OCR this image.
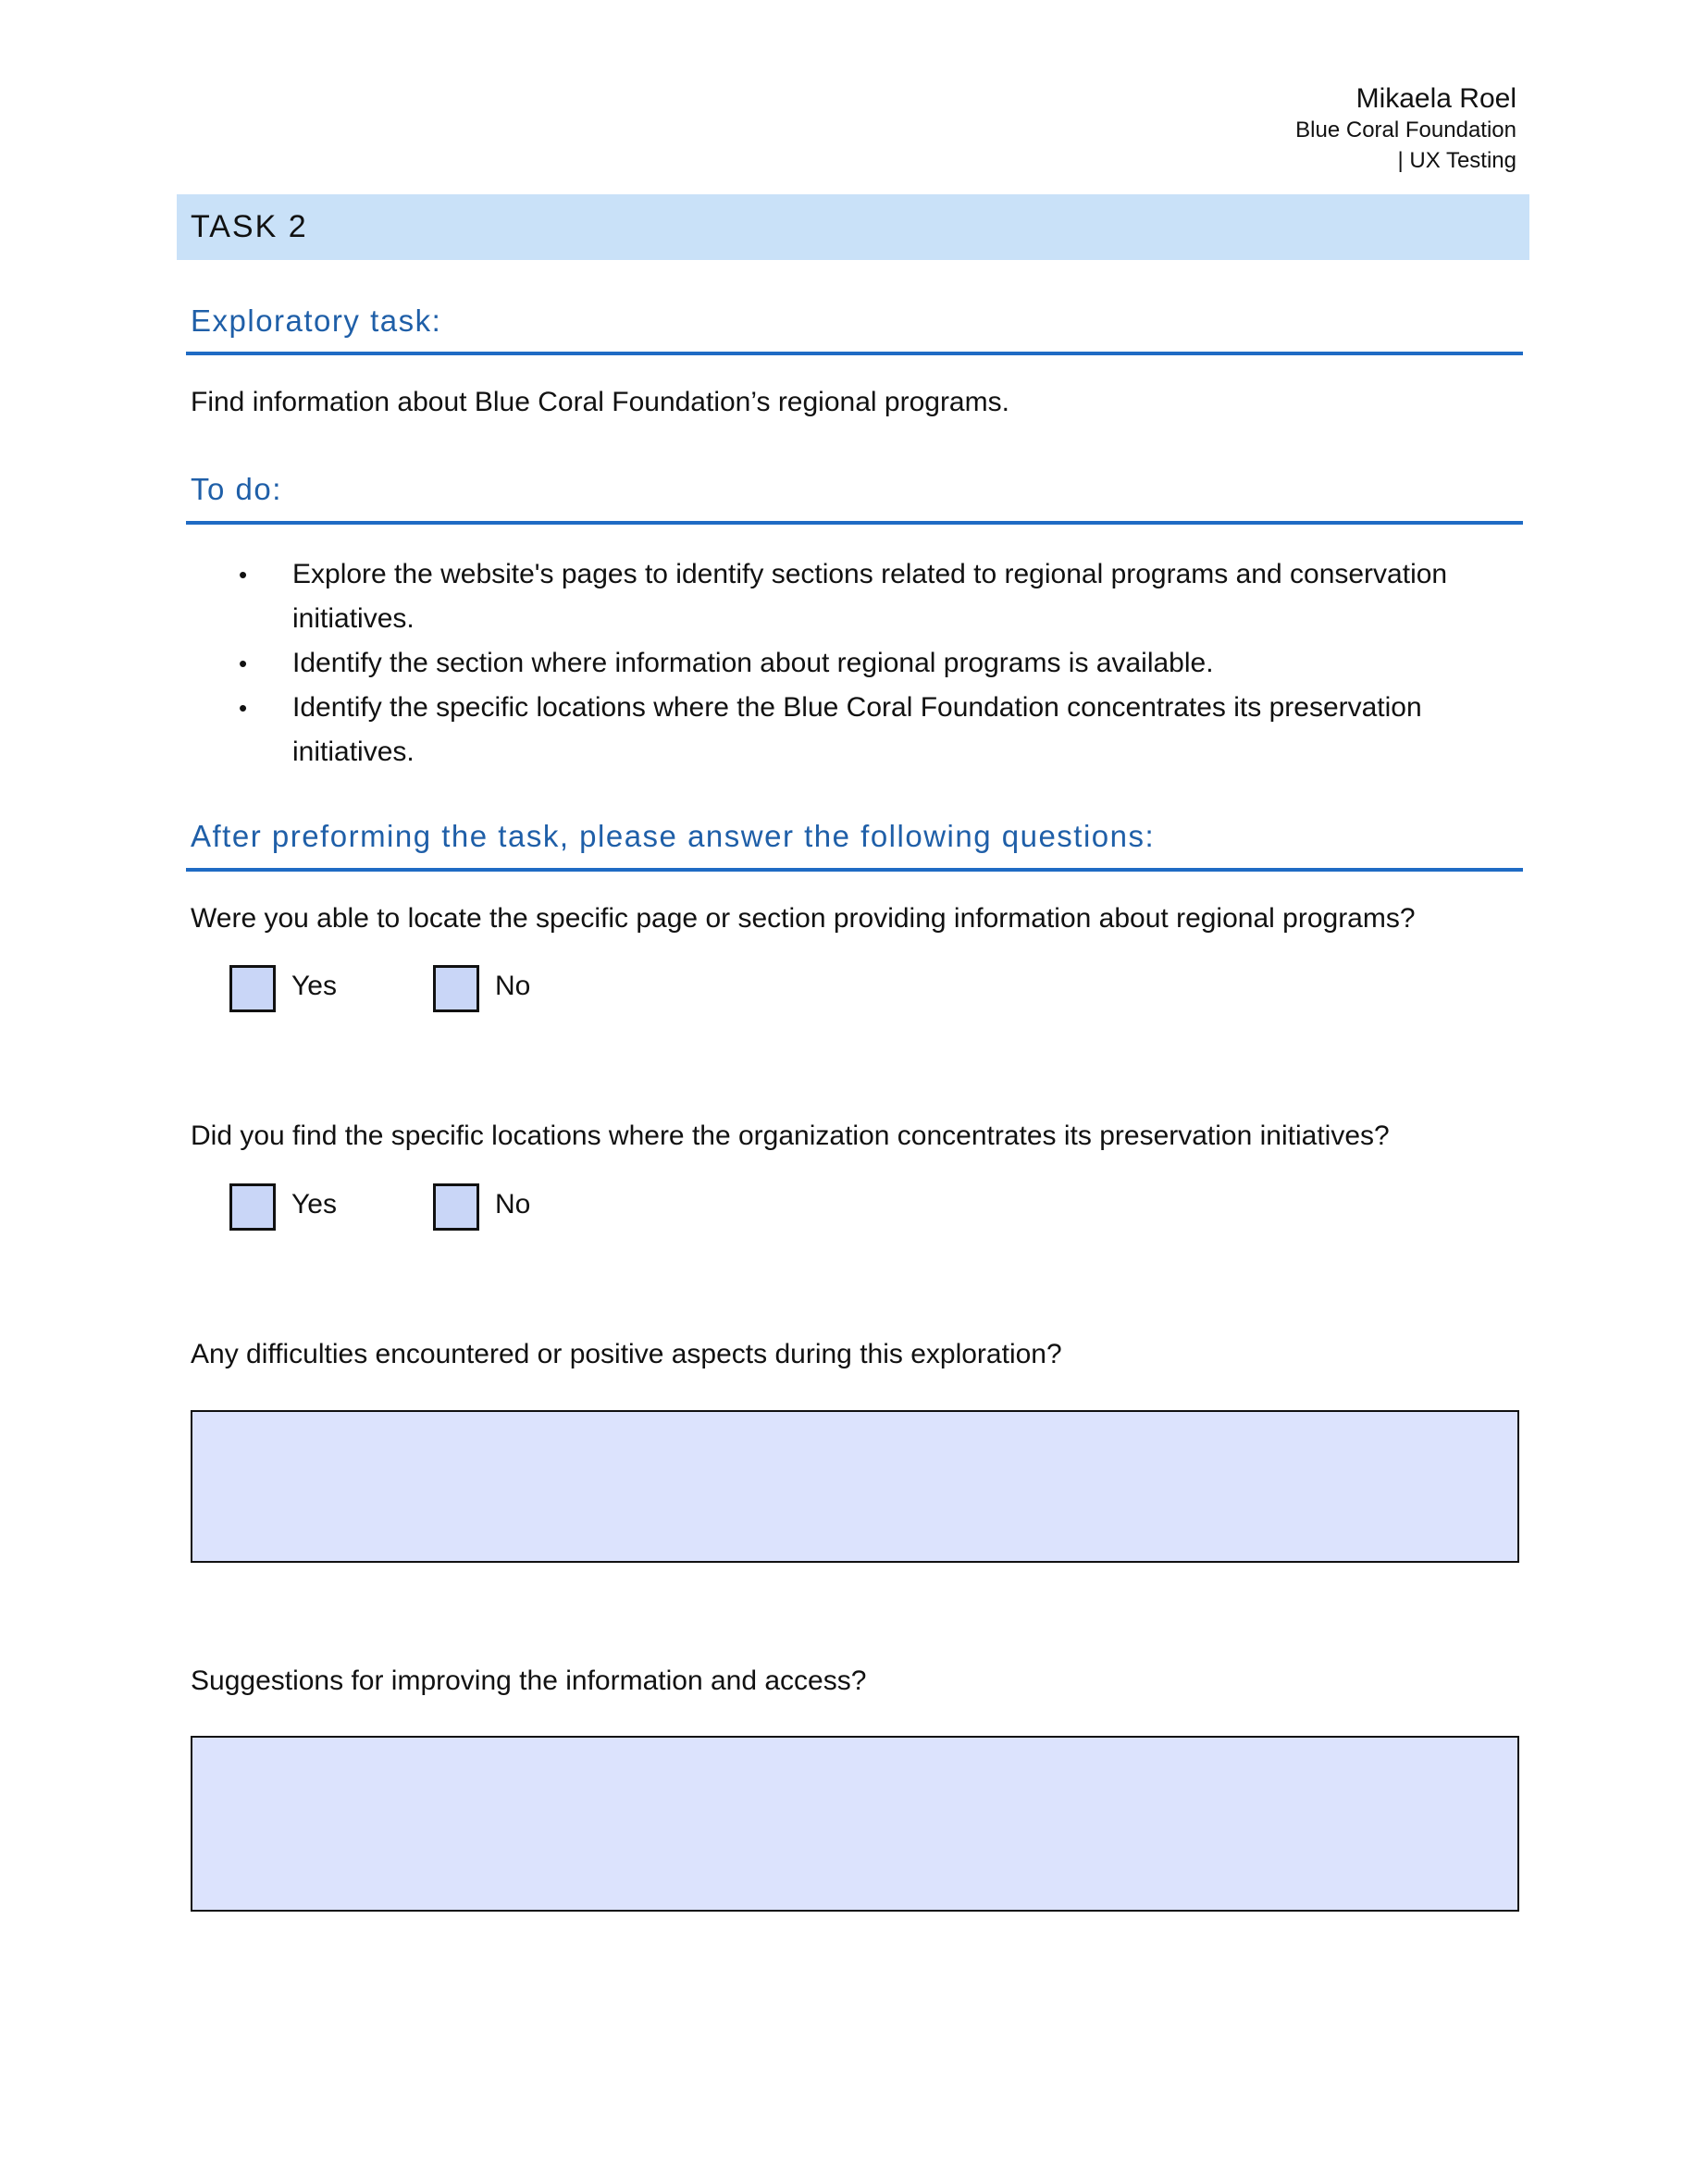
Mikaela Roel
Blue Coral Foundation
| UX Testing
TASK 2
Exploratory task:
Find information about Blue Coral Foundation’s regional programs.
To do:
• Explore the website's pages to identify sections related to regional programs and conservation initiatives.
• Identify the section where information about regional programs is available.
• Identify the specific locations where the Blue Coral Foundation concentrates its preservation initiatives.
After preforming the task, please answer the following questions:
Were you able to locate the specific page or section providing information about regional programs?
Yes	No
Did you find the specific locations where the organization concentrates its preservation initiatives?
Yes	No
Any difficulties encountered or positive aspects during this exploration?
Suggestions for improving the information and access?
